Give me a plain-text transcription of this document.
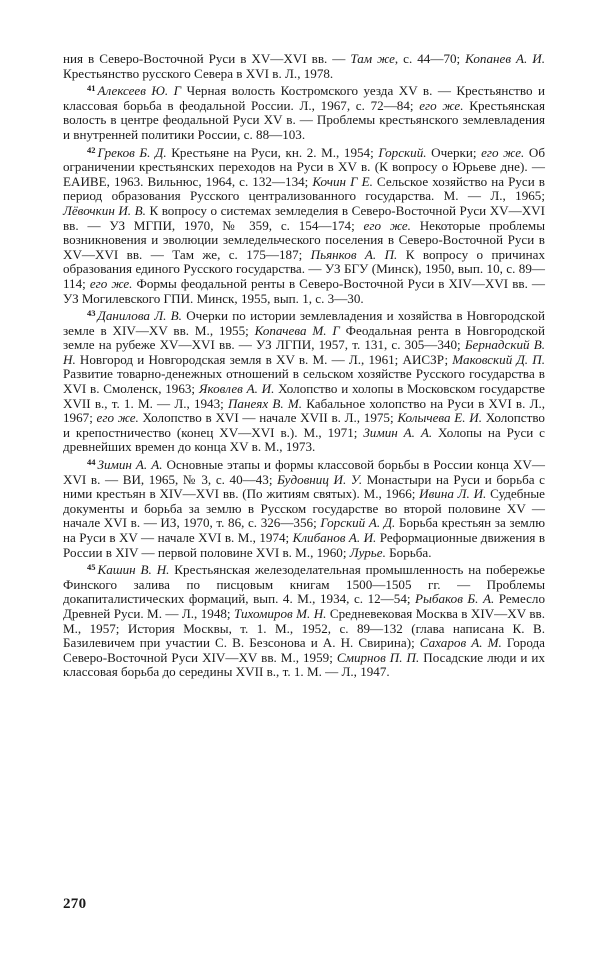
ния в Северо-Восточной Руси в XV—XVI вв. — Там же, с. 44—70; Копанев А. И. Крестьянство русского Севера в XVI в. Л., 1978.

$^{41}$ Алексеев Ю. Г Черная волость Костромского уезда XV в. — Крестьянство и классовая борьба в феодальной России. Л., 1967, с. 72—84; его же. Крестьянская волость в центре феодальной Руси XV в. — Проблемы крестьянского землевладения и внутренней политики России, с. 88—103.

$^{42}$ Греков Б. Д. Крестьяне на Руси, кн. 2. М., 1954; Горский. Очерки; его же. Об ограничении крестьянских переходов на Руси в XV в. (К вопросу о Юрьеве дне). — ЕАИВЕ, 1963. Вильнюс, 1964, с. 132—134; Кочин Г Е. Сельское хозяйство на Руси в период образования Русского централизованного государства. М. — Л., 1965; Лёвочкин И. В. К вопросу о системах земледелия в Северо-Восточной Руси XV—XVI вв. — УЗ МГПИ, 1970, № 359, с. 154—174; его же. Некоторые проблемы возникновения и эволюции земледельческого поселения в Северо-Восточной Руси в XV—XVI вв. — Там же, с. 175—187; Пьянков А. П. К вопросу о причинах образования единого Русского государства. — УЗ БГУ (Минск), 1950, вып. 10, с. 89—114; его же. Формы феодальной ренты в Северо-Восточной Руси в XIV—XVI вв. — УЗ Могилевского ГПИ. Минск, 1955, вып. 1, с. 3—30.

$^{43}$ Данилова Л. В. Очерки по истории землевладения и хозяйства в Новгородской земле в XIV—XV вв. М., 1955; Копачева М. Г Феодальная рента в Новгородской земле на рубеже XV—XVI вв. — УЗ ЛГПИ, 1957, т. 131, с. 305—340; Бернадский В. Н. Новгород и Новгородская земля в XV в. М. — Л., 1961; АИСЗР; Маковский Д. П. Развитие товарно-денежных отношений в сельском хозяйстве Русского государства в XVI в. Смоленск, 1963; Яковлев А. И. Холопство и холопы в Московском государстве XVII в., т. 1. М. — Л., 1943; Панеях В. М. Кабальное холопство на Руси в XVI в. Л., 1967; его же. Холопство в XVI — начале XVII в. Л., 1975; Колычева Е. И. Холопство и крепостничество (конец XV—XVI в.). М., 1971; Зимин А. А. Холопы на Руси с древнейших времен до конца XV в. М., 1973.

$^{44}$ Зимин А. А. Основные этапы и формы классовой борьбы в России конца XV—XVI в. — ВИ, 1965, № 3, с. 40—43; Будовниц И. У. Монастыри на Руси и борьба с ними крестьян в XIV—XVI вв. (По житиям святых). М., 1966; Ивина Л. И. Судебные документы и борьба за землю в Русском государстве во второй половине XV — начале XVI в. — ИЗ, 1970, т. 86, с. 326—356; Горский А. Д. Борьба крестьян за землю на Руси в XV — начале XVI в. М., 1974; Клибанов А. И. Реформационные движения в России в XIV — первой половине XVI в. М., 1960; Лурье. Борьба.

$^{45}$ Кашин В. Н. Крестьянская железоделательная промышленность на побережье Финского залива по писцовым книгам 1500—1505 гг. — Проблемы докапиталистических формаций, вып. 4. М., 1934, с. 12—54; Рыбаков Б. А. Ремесло Древней Руси. М. — Л., 1948; Тихомиров М. Н. Средневековая Москва в XIV—XV вв. М., 1957; История Москвы, т. 1. М., 1952, с. 89—132 (глава написана К. В. Базилевичем при участии С. В. Безсонова и А. Н. Свирина); Сахаров А. М. Города Северо-Восточной Руси XIV—XV вв. М., 1959; Смирнов П. П. Посадские люди и их классовая борьба до середины XVII в., т. 1. М. — Л., 1947.

270
